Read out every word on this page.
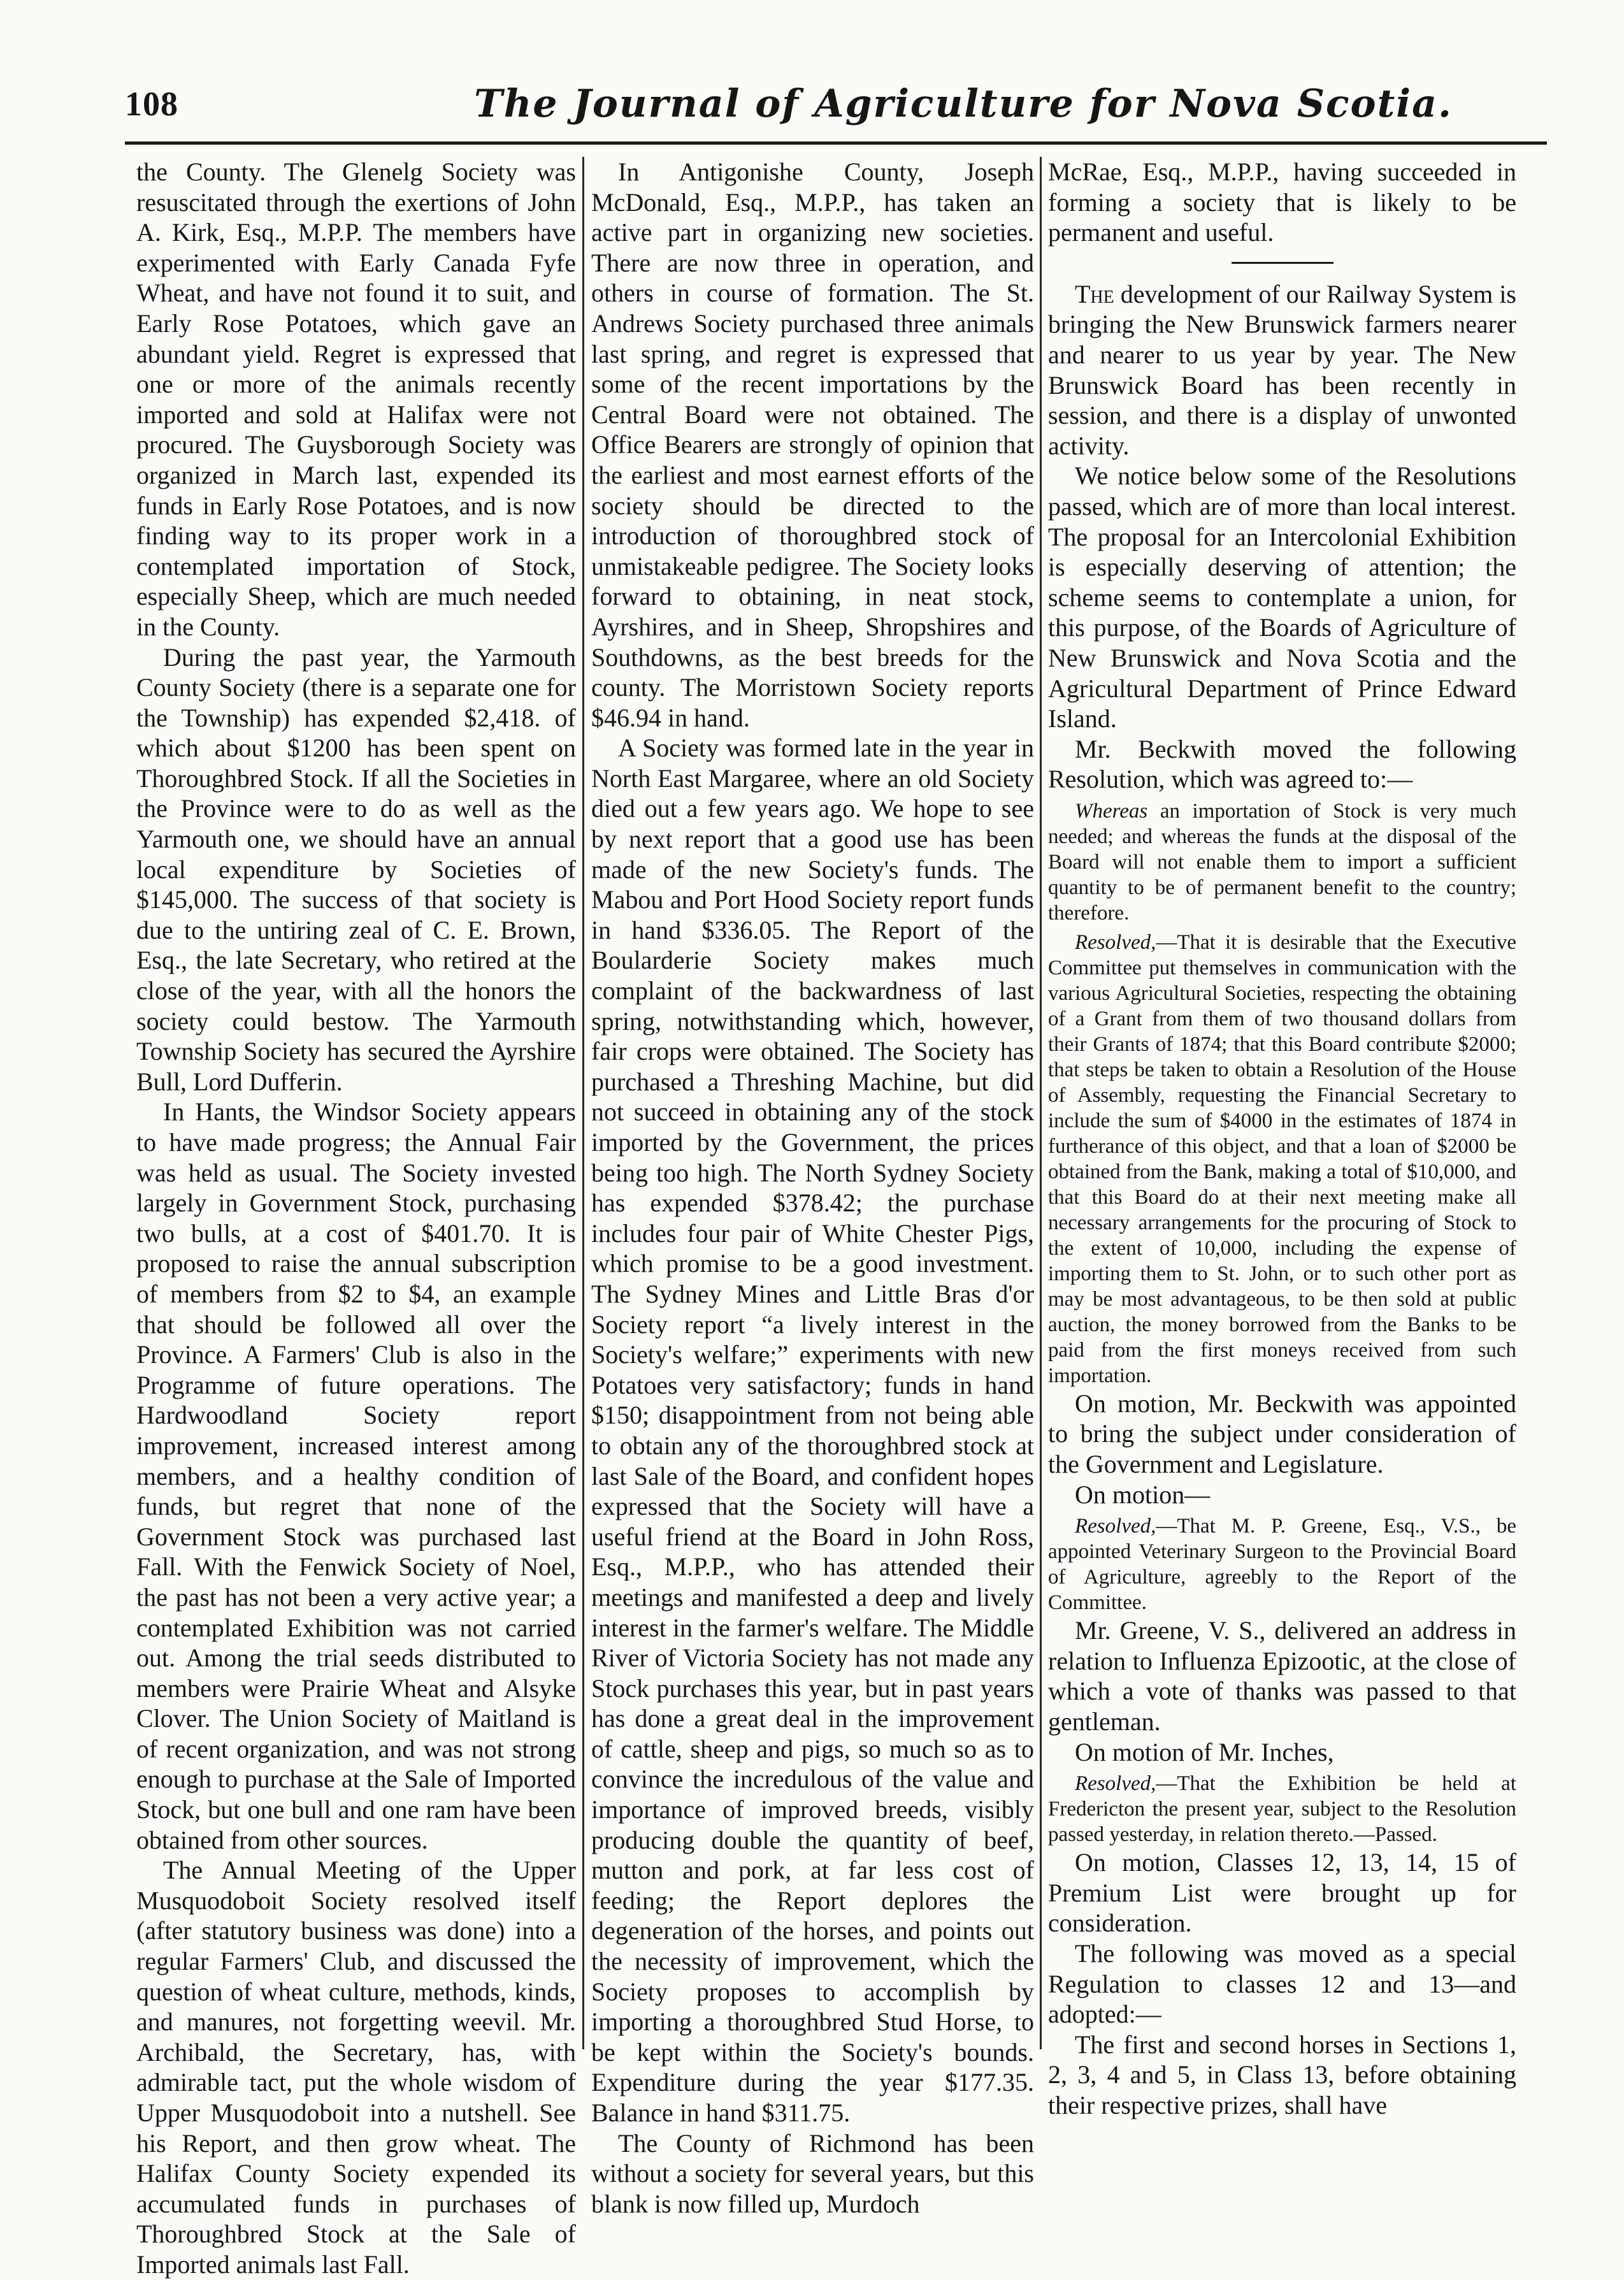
108	The Journal of Agriculture for Nova Scotia.

the County. The Glenelg Society was resuscitated through the exertions of John A. Kirk, Esq., M.P.P. The members have experimented with Early Canada Fyfe Wheat, and have not found it to suit, and Early Rose Potatoes, which gave an abundant yield. Regret is expressed that one or more of the animals recently imported and sold at Halifax were not procured. The Guysborough Society was organized in March last, expended its funds in Early Rose Potatoes, and is now finding way to its proper work in a contemplated importation of Stock, especially Sheep, which are much needed in the County.

During the past year, the Yarmouth County Society (there is a separate one for the Township) has expended $2,418. of which about $1200 has been spent on Thoroughbred Stock. If all the Societies in the Province were to do as well as the Yarmouth one, we should have an annual local expenditure by Societies of $145,000. The success of that society is due to the untiring zeal of C. E. Brown, Esq., the late Secretary, who retired at the close of the year, with all the honors the society could bestow. The Yarmouth Township Society has secured the Ayrshire Bull, Lord Dufferin.

In Hants, the Windsor Society appears to have made progress; the Annual Fair was held as usual. The Society invested largely in Government Stock, purchasing two bulls, at a cost of $401.70. It is proposed to raise the annual subscription of members from $2 to $4, an example that should be followed all over the Province. A Farmers' Club is also in the Programme of future operations. The Hardwoodland Society report improvement, increased interest among members, and a healthy condition of funds, but regret that none of the Government Stock was purchased last Fall. With the Fenwick Society of Noel, the past has not been a very active year; a contemplated Exhibition was not carried out. Among the trial seeds distributed to members were Prairie Wheat and Alsyke Clover. The Union Society of Maitland is of recent organization, and was not strong enough to purchase at the Sale of Imported Stock, but one bull and one ram have been obtained from other sources.

The Annual Meeting of the Upper Musquodoboit Society resolved itself (after statutory business was done) into a regular Farmers' Club, and discussed the question of wheat culture, methods, kinds, and manures, not forgetting weevil. Mr. Archibald, the Secretary, has, with admirable tact, put the whole wisdom of Upper Musquodoboit into a nutshell. See his Report, and then grow wheat. The Halifax County Society expended its accumulated funds in purchases of Thoroughbred Stock at the Sale of Imported animals last Fall.

In Antigonishe County, Joseph McDonald, Esq., M.P.P., has taken an active part in organizing new societies. There are now three in operation, and others in course of formation. The St. Andrews Society purchased three animals last spring, and regret is expressed that some of the recent importations by the Central Board were not obtained. The Office Bearers are strongly of opinion that the earliest and most earnest efforts of the society should be directed to the introduction of thoroughbred stock of unmistakeable pedigree. The Society looks forward to obtaining, in neat stock, Ayrshires, and in Sheep, Shropshires and Southdowns, as the best breeds for the county. The Morristown Society reports $46.94 in hand.

A Society was formed late in the year in North East Margaree, where an old Society died out a few years ago. We hope to see by next report that a good use has been made of the new Society's funds. The Mabou and Port Hood Society report funds in hand $336.05. The Report of the Boularderie Society makes much complaint of the backwardness of last spring, notwithstanding which, however, fair crops were obtained. The Society has purchased a Threshing Machine, but did not succeed in obtaining any of the stock imported by the Government, the prices being too high. The North Sydney Society has expended $378.42; the purchase includes four pair of White Chester Pigs, which promise to be a good investment. The Sydney Mines and Little Bras d'or Society report “a lively interest in the Society's welfare;” experiments with new Potatoes very satisfactory; funds in hand $150; disappointment from not being able to obtain any of the thoroughbred stock at last Sale of the Board, and confident hopes expressed that the Society will have a useful friend at the Board in John Ross, Esq., M.P.P., who has attended their meetings and manifested a deep and lively interest in the farmer's welfare. The Middle River of Victoria Society has not made any Stock purchases this year, but in past years has done a great deal in the improvement of cattle, sheep and pigs, so much so as to convince the incredulous of the value and importance of improved breeds, visibly producing double the quantity of beef, mutton and pork, at far less cost of feeding; the Report deplores the degeneration of the horses, and points out the necessity of improvement, which the Society proposes to accomplish by importing a thoroughbred Stud Horse, to be kept within the Society's bounds. Expenditure during the year $177.35. Balance in hand $311.75.

The County of Richmond has been without a society for several years, but this blank is now filled up, Murdoch

McRae, Esq., M.P.P., having succeeded in forming a society that is likely to be permanent and useful.

The development of our Railway System is bringing the New Brunswick farmers nearer and nearer to us year by year. The New Brunswick Board has been recently in session, and there is a display of unwonted activity.

We notice below some of the Resolutions passed, which are of more than local interest. The proposal for an Intercolonial Exhibition is especially deserving of attention; the scheme seems to contemplate a union, for this purpose, of the Boards of Agriculture of New Brunswick and Nova Scotia and the Agricultural Department of Prince Edward Island.

Mr. Beckwith moved the following Resolution, which was agreed to:—

Whereas an importation of Stock is very much needed; and whereas the funds at the disposal of the Board will not enable them to import a sufficient quantity to be of permanent benefit to the country; therefore.

Resolved,—That it is desirable that the Executive Committee put themselves in communication with the various Agricultural Societies, respecting the obtaining of a Grant from them of two thousand dollars from their Grants of 1874; that this Board contribute $2000; that steps be taken to obtain a Resolution of the House of Assembly, requesting the Financial Secretary to include the sum of $4000 in the estimates of 1874 in furtherance of this object, and that a loan of $2000 be obtained from the Bank, making a total of $10,000, and that this Board do at their next meeting make all necessary arrangements for the procuring of Stock to the extent of 10,000, including the expense of importing them to St. John, or to such other port as may be most advantageous, to be then sold at public auction, the money borrowed from the Banks to be paid from the first moneys received from such importation.

On motion, Mr. Beckwith was appointed to bring the subject under consideration of the Government and Legislature.

On motion—

Resolved,—That M. P. Greene, Esq., V.S., be appointed Veterinary Surgeon to the Provincial Board of Agriculture, agreebly to the Report of the Committee.

Mr. Greene, V. S., delivered an address in relation to Influenza Epizootic, at the close of which a vote of thanks was passed to that gentleman.

On motion of Mr. Inches,

Resolved,—That the Exhibition be held at Fredericton the present year, subject to the Resolution passed yesterday, in relation thereto.—Passed.

On motion, Classes 12, 13, 14, 15 of Premium List were brought up for consideration.

The following was moved as a special Regulation to classes 12 and 13—and adopted:—

The first and second horses in Sections 1, 2, 3, 4 and 5, in Class 13, before obtaining their respective prizes, shall have
